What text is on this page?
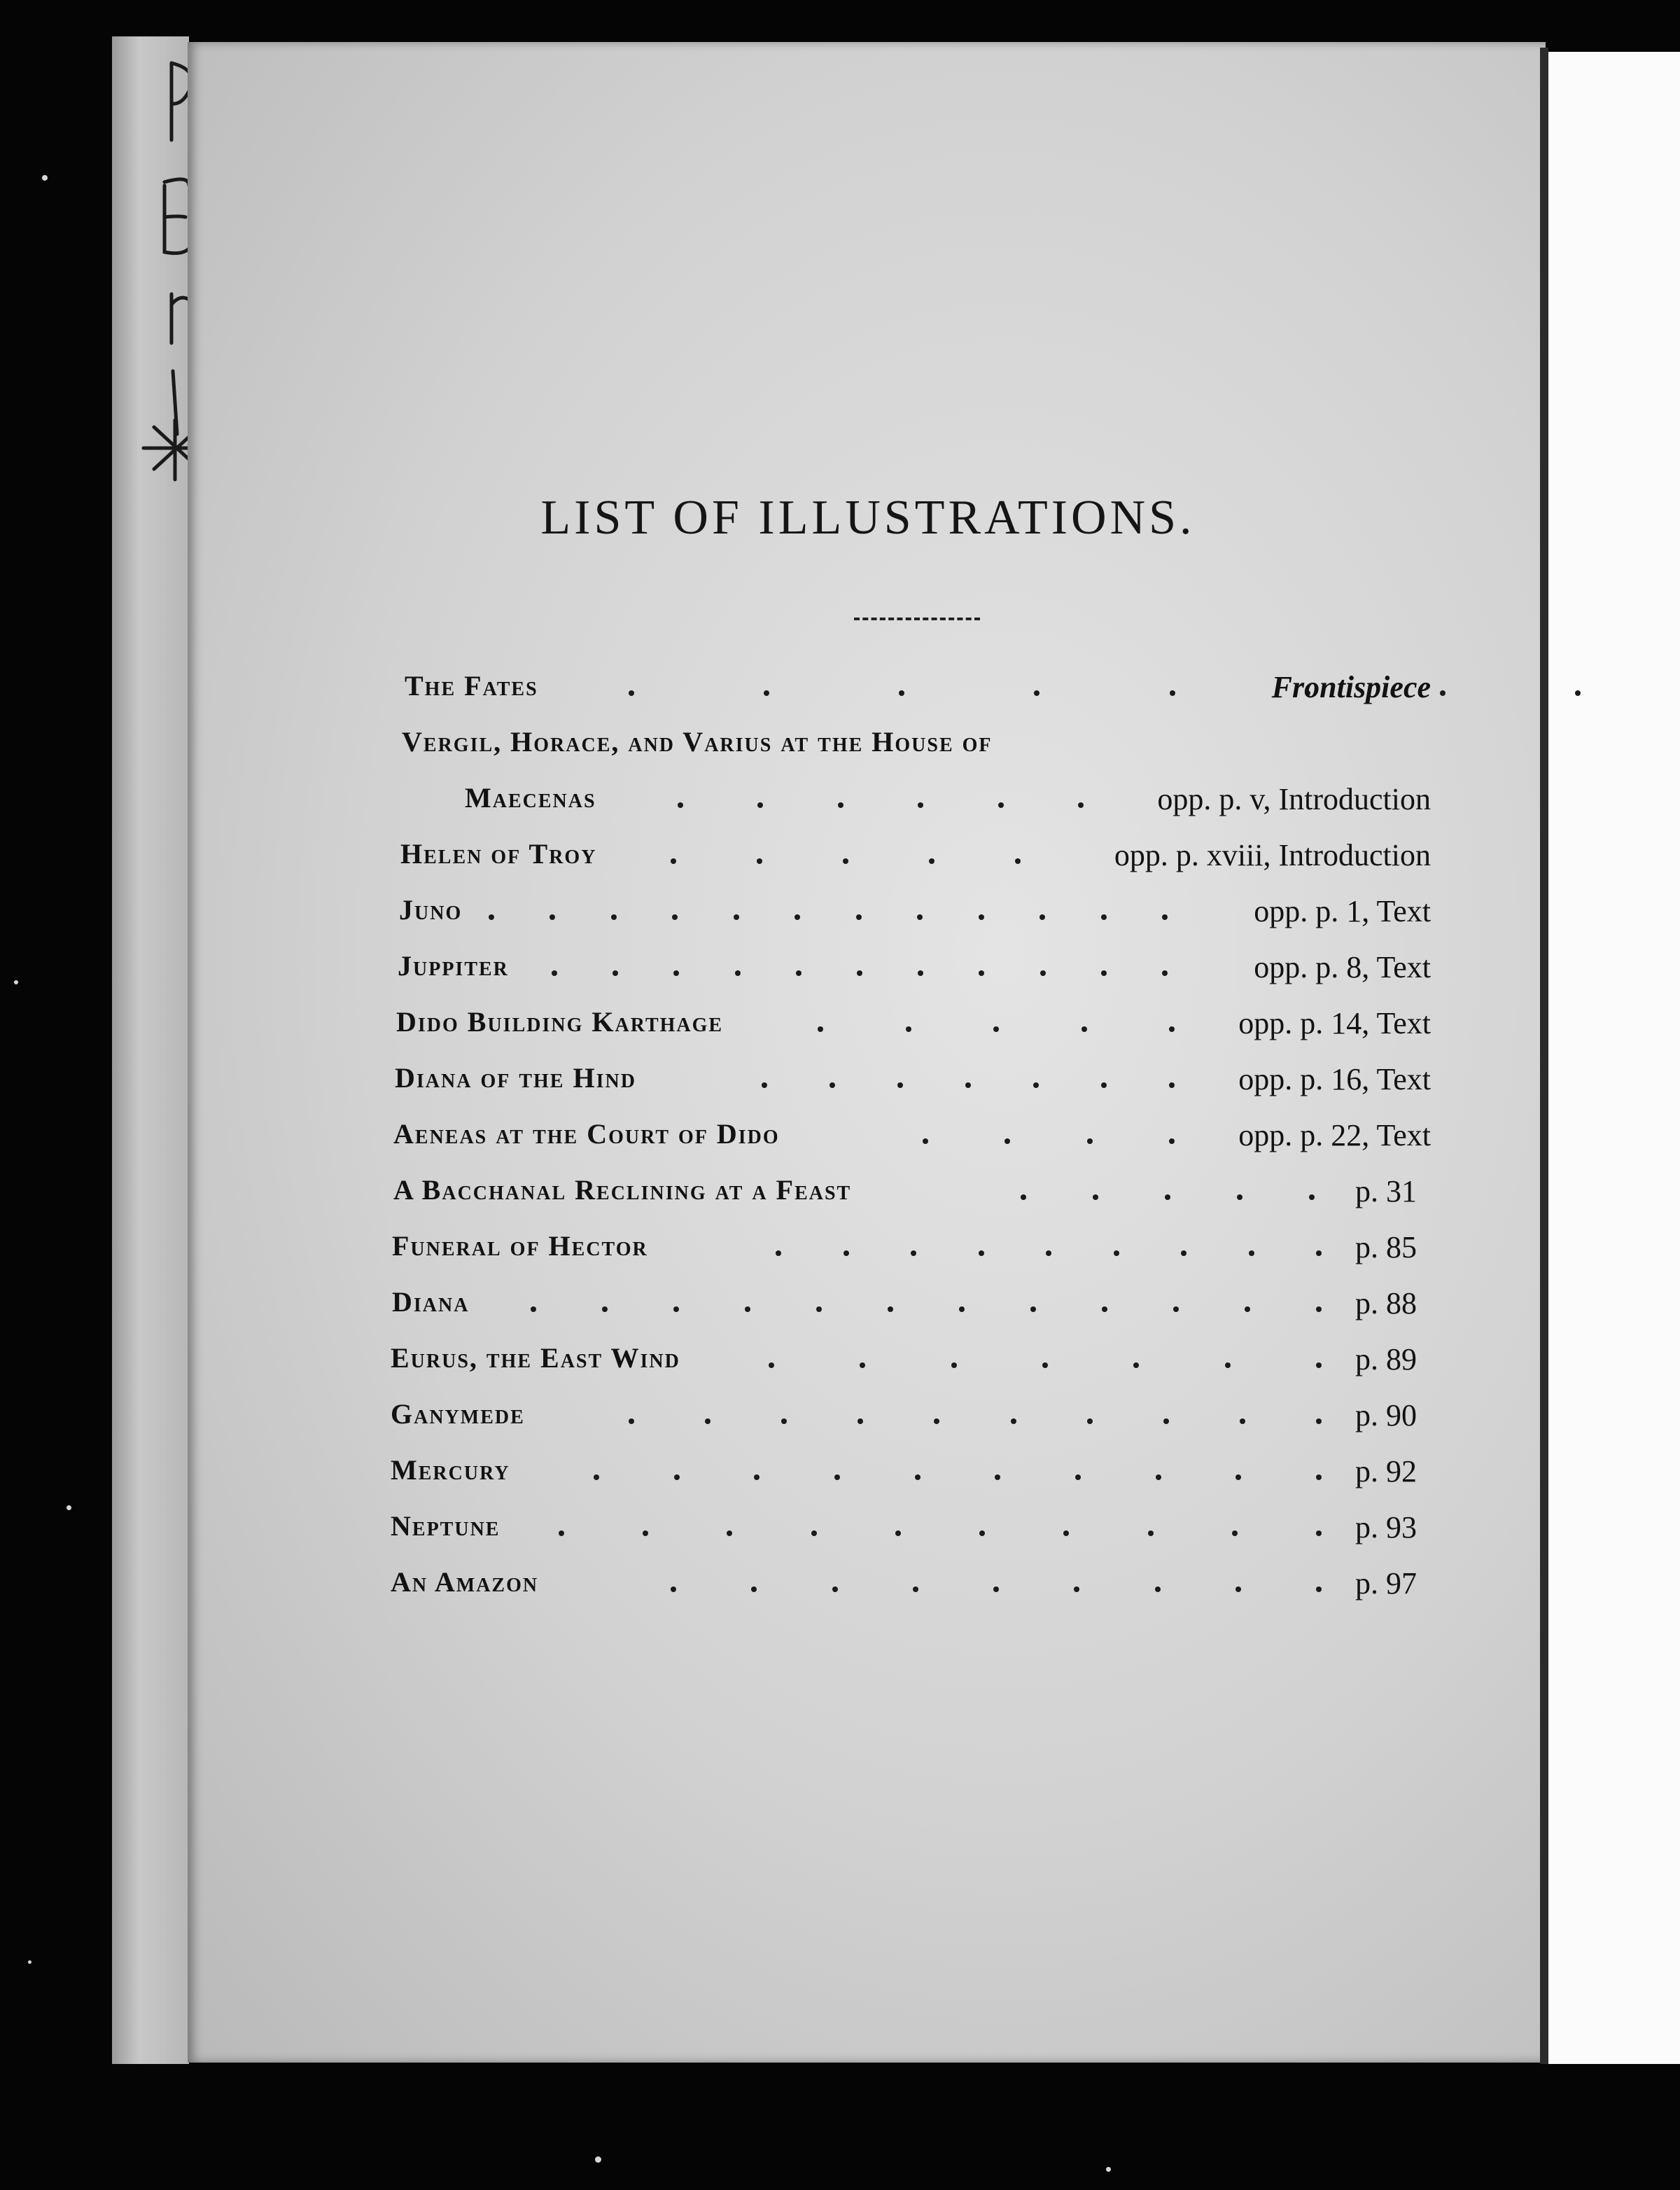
LIST OF ILLUSTRATIONS.
The Fates	Frontispiece
Vergil, Horace, and Varius at the House of
Maecenas	opp. p. v, Introduction
Helen of Troy	opp. p. xviii, Introduction
Juno	opp. p. 1, Text
Juppiter	opp. p. 8, Text
Dido Building Karthage	opp. p. 14, Text
Diana of the Hind	opp. p. 16, Text
Aeneas at the Court of Dido	opp. p. 22, Text
A Bacchanal Reclining at a Feast	p. 31
Funeral of Hector	p. 85
Diana	p. 88
Eurus, the East Wind	p. 89
Ganymede	p. 90
Mercury	p. 92
Neptune	p. 93
An Amazon	p. 97
